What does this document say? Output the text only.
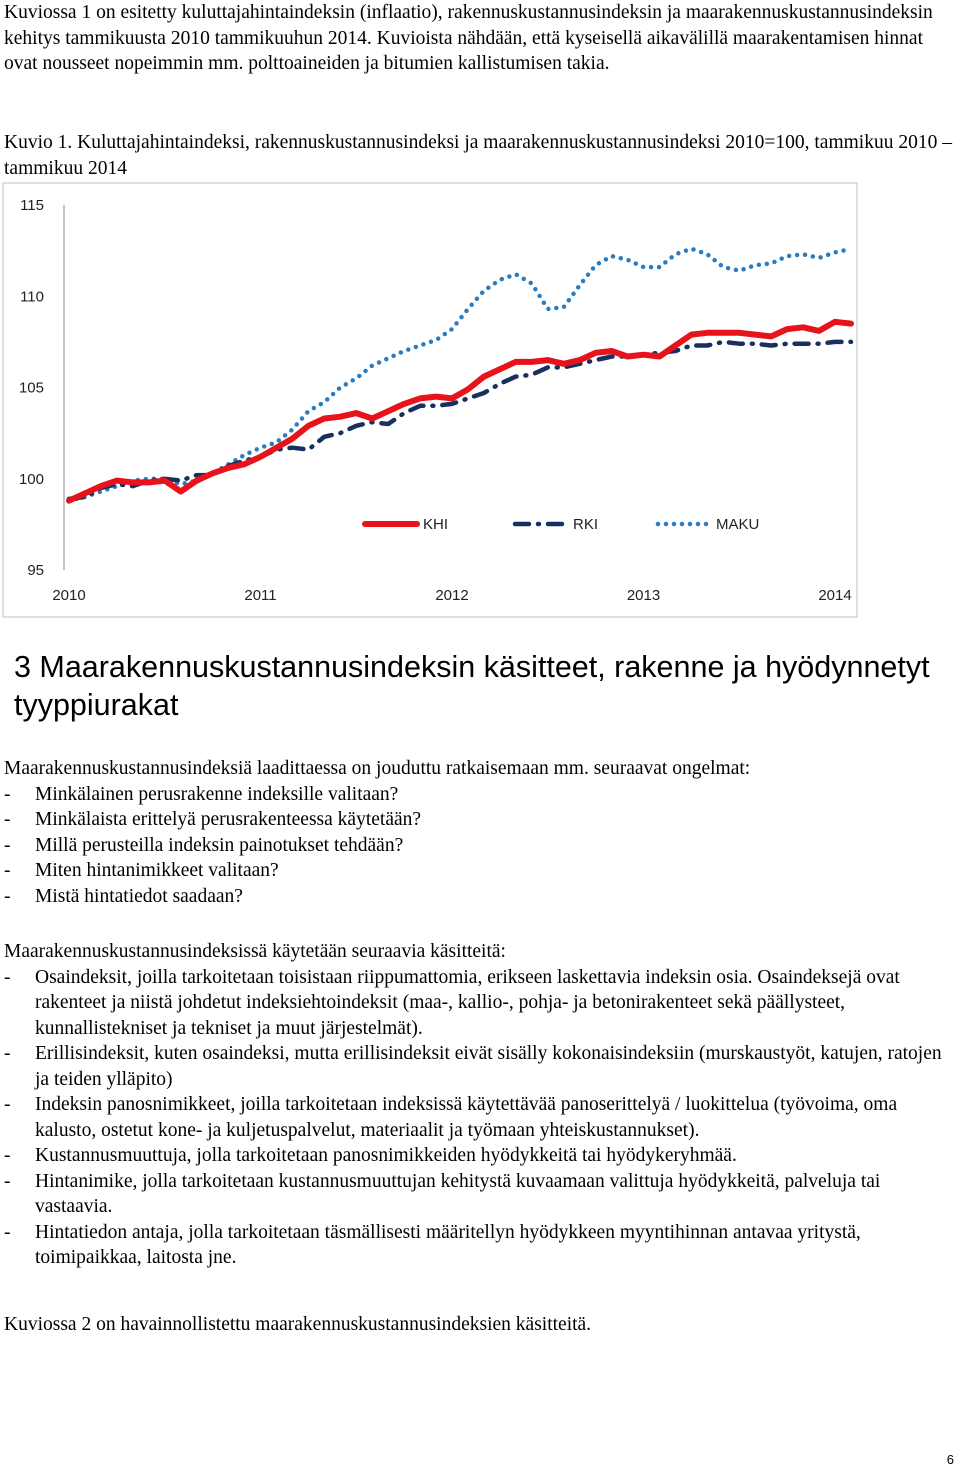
Kuviossa 1 on esitetty kuluttajahintaindeksin (inflaatio), rakennuskustannusindeksin ja maarakennuskustannusindeksin kehitys tammikuusta 2010 tammikuuhun 2014. Kuvioista nähdään, että kyseisellä aikavälillä maarakentamisen hinnat ovat nousseet nopeimmin mm. polttoaineiden ja bitumien kallistumisen takia.

Kuvio 1. Kuluttajahintaindeksi, rakennuskustannusindeksi ja maarakennuskustannusindeksi 2010=100, tammikuu 2010 – tammikuu 2014

115
110
105
100
95
2010	2011	2012	2013	2014
KHI	RKI	MAKU
3 Maarakennuskustannusindeksin käsitteet, rakenne ja hyödynnetyt tyyppiurakat
Maarakennuskustannusindeksiä laadittaessa on jouduttu ratkaisemaan mm. seuraavat ongelmat:
- Minkälainen perusrakenne indeksille valitaan?
- Minkälaista erittelyä perusrakenteessa käytetään?
- Millä perusteilla indeksin painotukset tehdään?
- Miten hintanimikkeet valitaan?
- Mistä hintatiedot saadaan?
Maarakennuskustannusindeksissä käytetään seuraavia käsitteitä:
- Osaindeksit, joilla tarkoitetaan toisistaan riippumattomia, erikseen laskettavia indeksin osia. Osaindeksejä ovat rakenteet ja niistä johdetut indeksiehtoindeksit (maa-, kallio-, pohja- ja betonirakenteet sekä päällysteet, kunnallistekniset ja tekniset ja muut järjestelmät).
- Erillisindeksit, kuten osaindeksi, mutta erillisindeksit eivät sisälly kokonaisindeksiin (murskaustyöt, katujen, ratojen ja teiden ylläpito)
- Indeksin panosnimikkeet, joilla tarkoitetaan indeksissä käytettävää panoserittelyä / luokittelua (työvoima, oma kalusto, ostetut kone- ja kuljetuspalvelut, materiaalit ja työmaan yhteiskustannukset).
- Kustannusmuuttuja, jolla tarkoitetaan panosnimikkeiden hyödykkeitä tai hyödykeryhmää.
- Hintanimike, jolla tarkoitetaan kustannusmuuttujan kehitystä kuvaamaan valittuja hyödykkeitä, palveluja tai vastaavia.
- Hintatiedon antaja, jolla tarkoitetaan täsmällisesti määritellyn hyödykkeen myyntihinnan antavaa yritystä, toimipaikkaa, laitosta jne.

Kuviossa 2 on havainnollistettu maarakennuskustannusindeksien käsitteitä.

6
